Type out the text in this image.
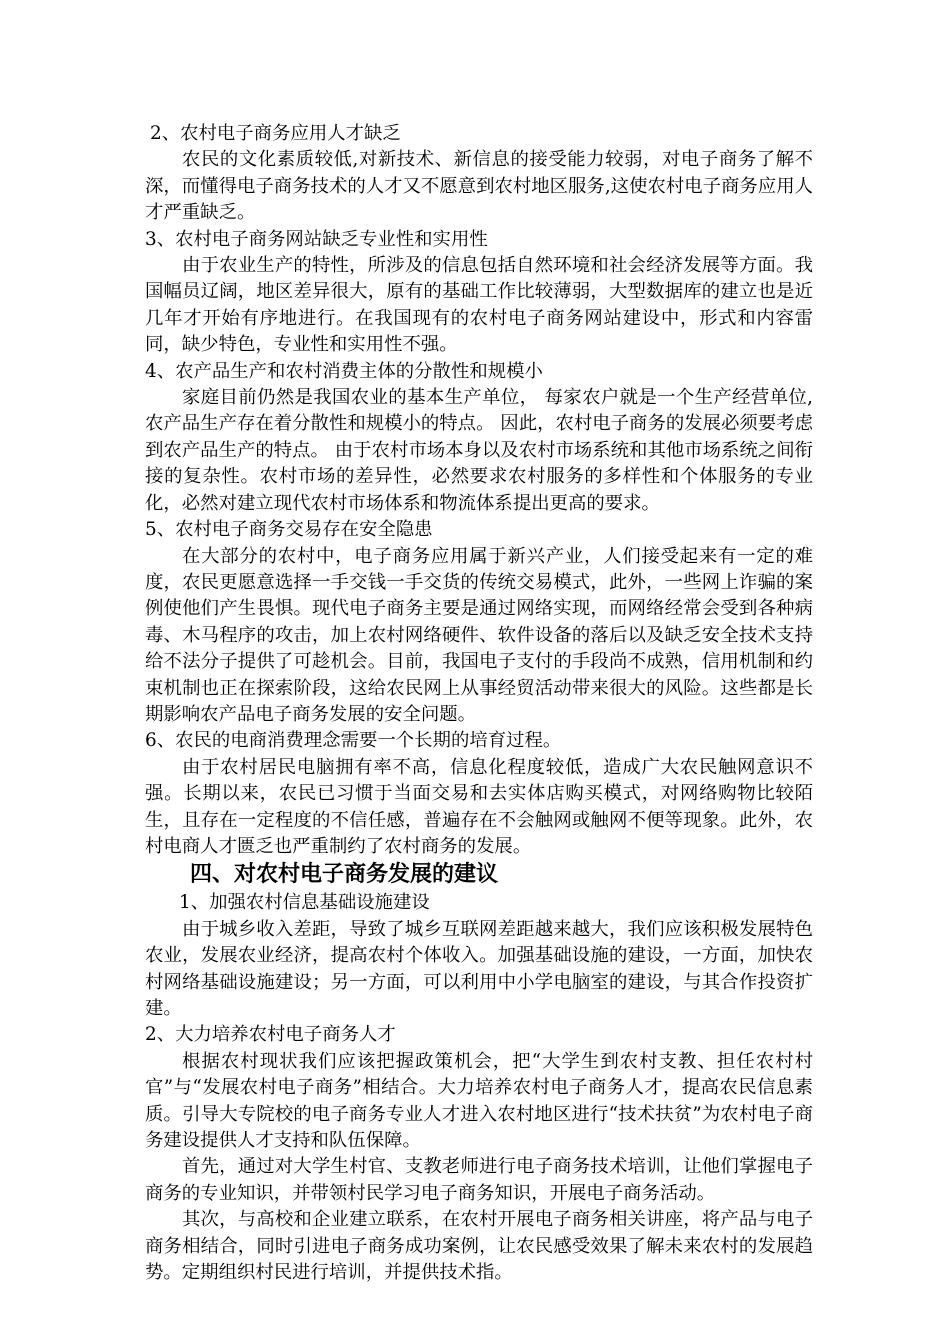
2、农村电子商务应用人才缺乏

农民的文化素质较低,对新技术、新信息的接受能力较弱，对电子商务了解不深，而懂得电子商务技术的人才又不愿意到农村地区服务,这使农村电子商务应用人才严重缺乏。

3、农村电子商务网站缺乏专业性和实用性

由于农业生产的特性，所涉及的信息包括自然环境和社会经济发展等方面。我国幅员辽阔，地区差异很大，原有的基础工作比较薄弱，大型数据库的建立也是近几年才开始有序地进行。在我国现有的农村电子商务网站建设中，形式和内容雷同，缺少特色，专业性和实用性不强。

4、农产品生产和农村消费主体的分散性和规模小

家庭目前仍然是我国农业的基本生产单位， 每家农户就是一个生产经营单位,农产品生产存在着分散性和规模小的特点。 因此，农村电子商务的发展必须要考虑到农产品生产的特点。 由于农村市场本身以及农村市场系统和其他市场系统之间衔接的复杂性。农村市场的差异性，必然要求农村服务的多样性和个体服务的专业化，必然对建立现代农村市场体系和物流体系提出更高的要求。

5、农村电子商务交易存在安全隐患

在大部分的农村中，电子商务应用属于新兴产业，人们接受起来有一定的难度，农民更愿意选择一手交钱一手交货的传统交易模式，此外，一些网上诈骗的案例使他们产生畏惧。现代电子商务主要是通过网络实现，而网络经常会受到各种病毒、木马程序的攻击，加上农村网络硬件、软件设备的落后以及缺乏安全技术支持给不法分子提供了可趁机会。目前，我国电子支付的手段尚不成熟，信用机制和约束机制也正在探索阶段，这给农民网上从事经贸活动带来很大的风险。这些都是长期影响农产品电子商务发展的安全问题。

6、农民的电商消费理念需要一个长期的培育过程。

由于农村居民电脑拥有率不高，信息化程度较低，造成广大农民触网意识不强。长期以来，农民已习惯于当面交易和去实体店购买模式，对网络购物比较陌生，且存在一定程度的不信任感，普遍存在不会触网或触网不便等现象。此外，农村电商人才匮乏也严重制约了农村商务的发展。

四、对农村电子商务发展的建议

1、加强农村信息基础设施建设

由于城乡收入差距，导致了城乡互联网差距越来越大，我们应该积极发展特色农业，发展农业经济，提高农村个体收入。加强基础设施的建设，一方面，加快农村网络基础设施建设；另一方面，可以利用中小学电脑室的建设，与其合作投资扩建。

2、大力培养农村电子商务人才

根据农村现状我们应该把握政策机会，把“大学生到农村支教、担任农村村官”与“发展农村电子商务”相结合。大力培养农村电子商务人才，提高农民信息素质。引导大专院校的电子商务专业人才进入农村地区进行“技术扶贫”为农村电子商务建设提供人才支持和队伍保障。

首先，通过对大学生村官、支教老师进行电子商务技术培训，让他们掌握电子商务的专业知识，并带领村民学习电子商务知识，开展电子商务活动。

其次，与高校和企业建立联系，在农村开展电子商务相关讲座，将产品与电子商务相结合，同时引进电子商务成功案例，让农民感受效果了解未来农村的发展趋势。定期组织村民进行培训，并提供技术指。
